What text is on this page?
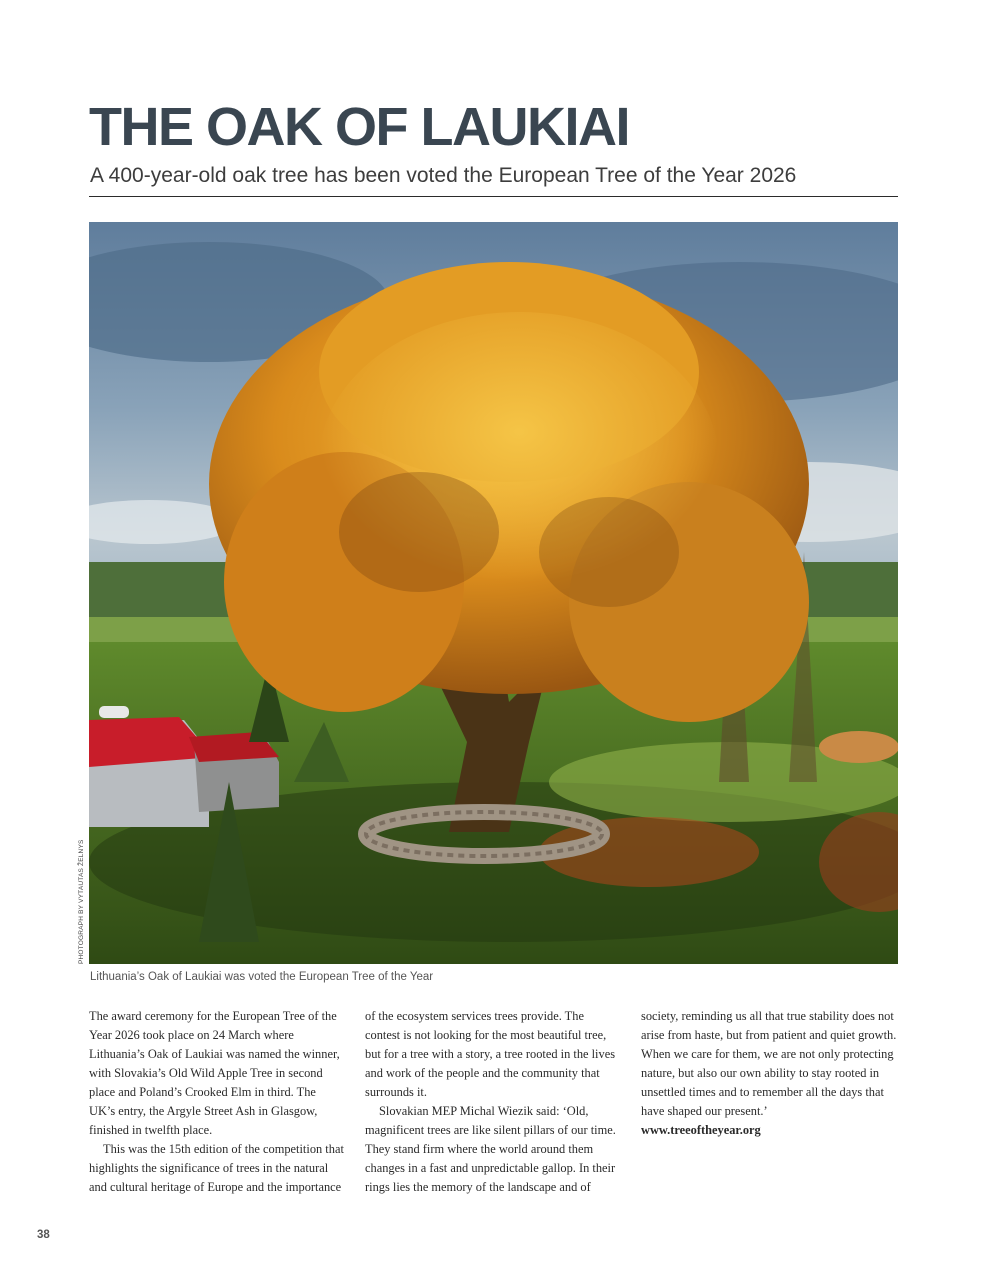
THE OAK OF LAUKIAI
A 400-year-old oak tree has been voted the European Tree of the Year 2026
PHOTOGRAPH BY VYTAUTAS ŽELNYS
Lithuania’s Oak of Laukiai was voted the European Tree of the Year

The award ceremony for the European Tree of the Year 2026 took place on 24 March where Lithuania’s Oak of Laukiai was named the winner, with Slovakia’s Old Wild Apple Tree in second place and Poland’s Crooked Elm in third. The UK’s entry, the Argyle Street Ash in Glasgow, finished in twelfth place.

This was the 15th edition of the competition that highlights the significance of trees in the natural and cultural heritage of Europe and the importance

of the ecosystem services trees provide. The contest is not looking for the most beautiful tree, but for a tree with a story, a tree rooted in the lives and work of the people and the community that surrounds it.

Slovakian MEP Michal Wiezik said: ‘Old, magnificent trees are like silent pillars of our time. They stand firm where the world around them changes in a fast and unpredictable gallop. In their rings lies the memory of the landscape and of

society, reminding us all that true stability does not arise from haste, but from patient and quiet growth. When we care for them, we are not only protecting nature, but also our own ability to stay rooted in unsettled times and to remember all the days that have shaped our present.’

www.treeoftheyear.org

38
